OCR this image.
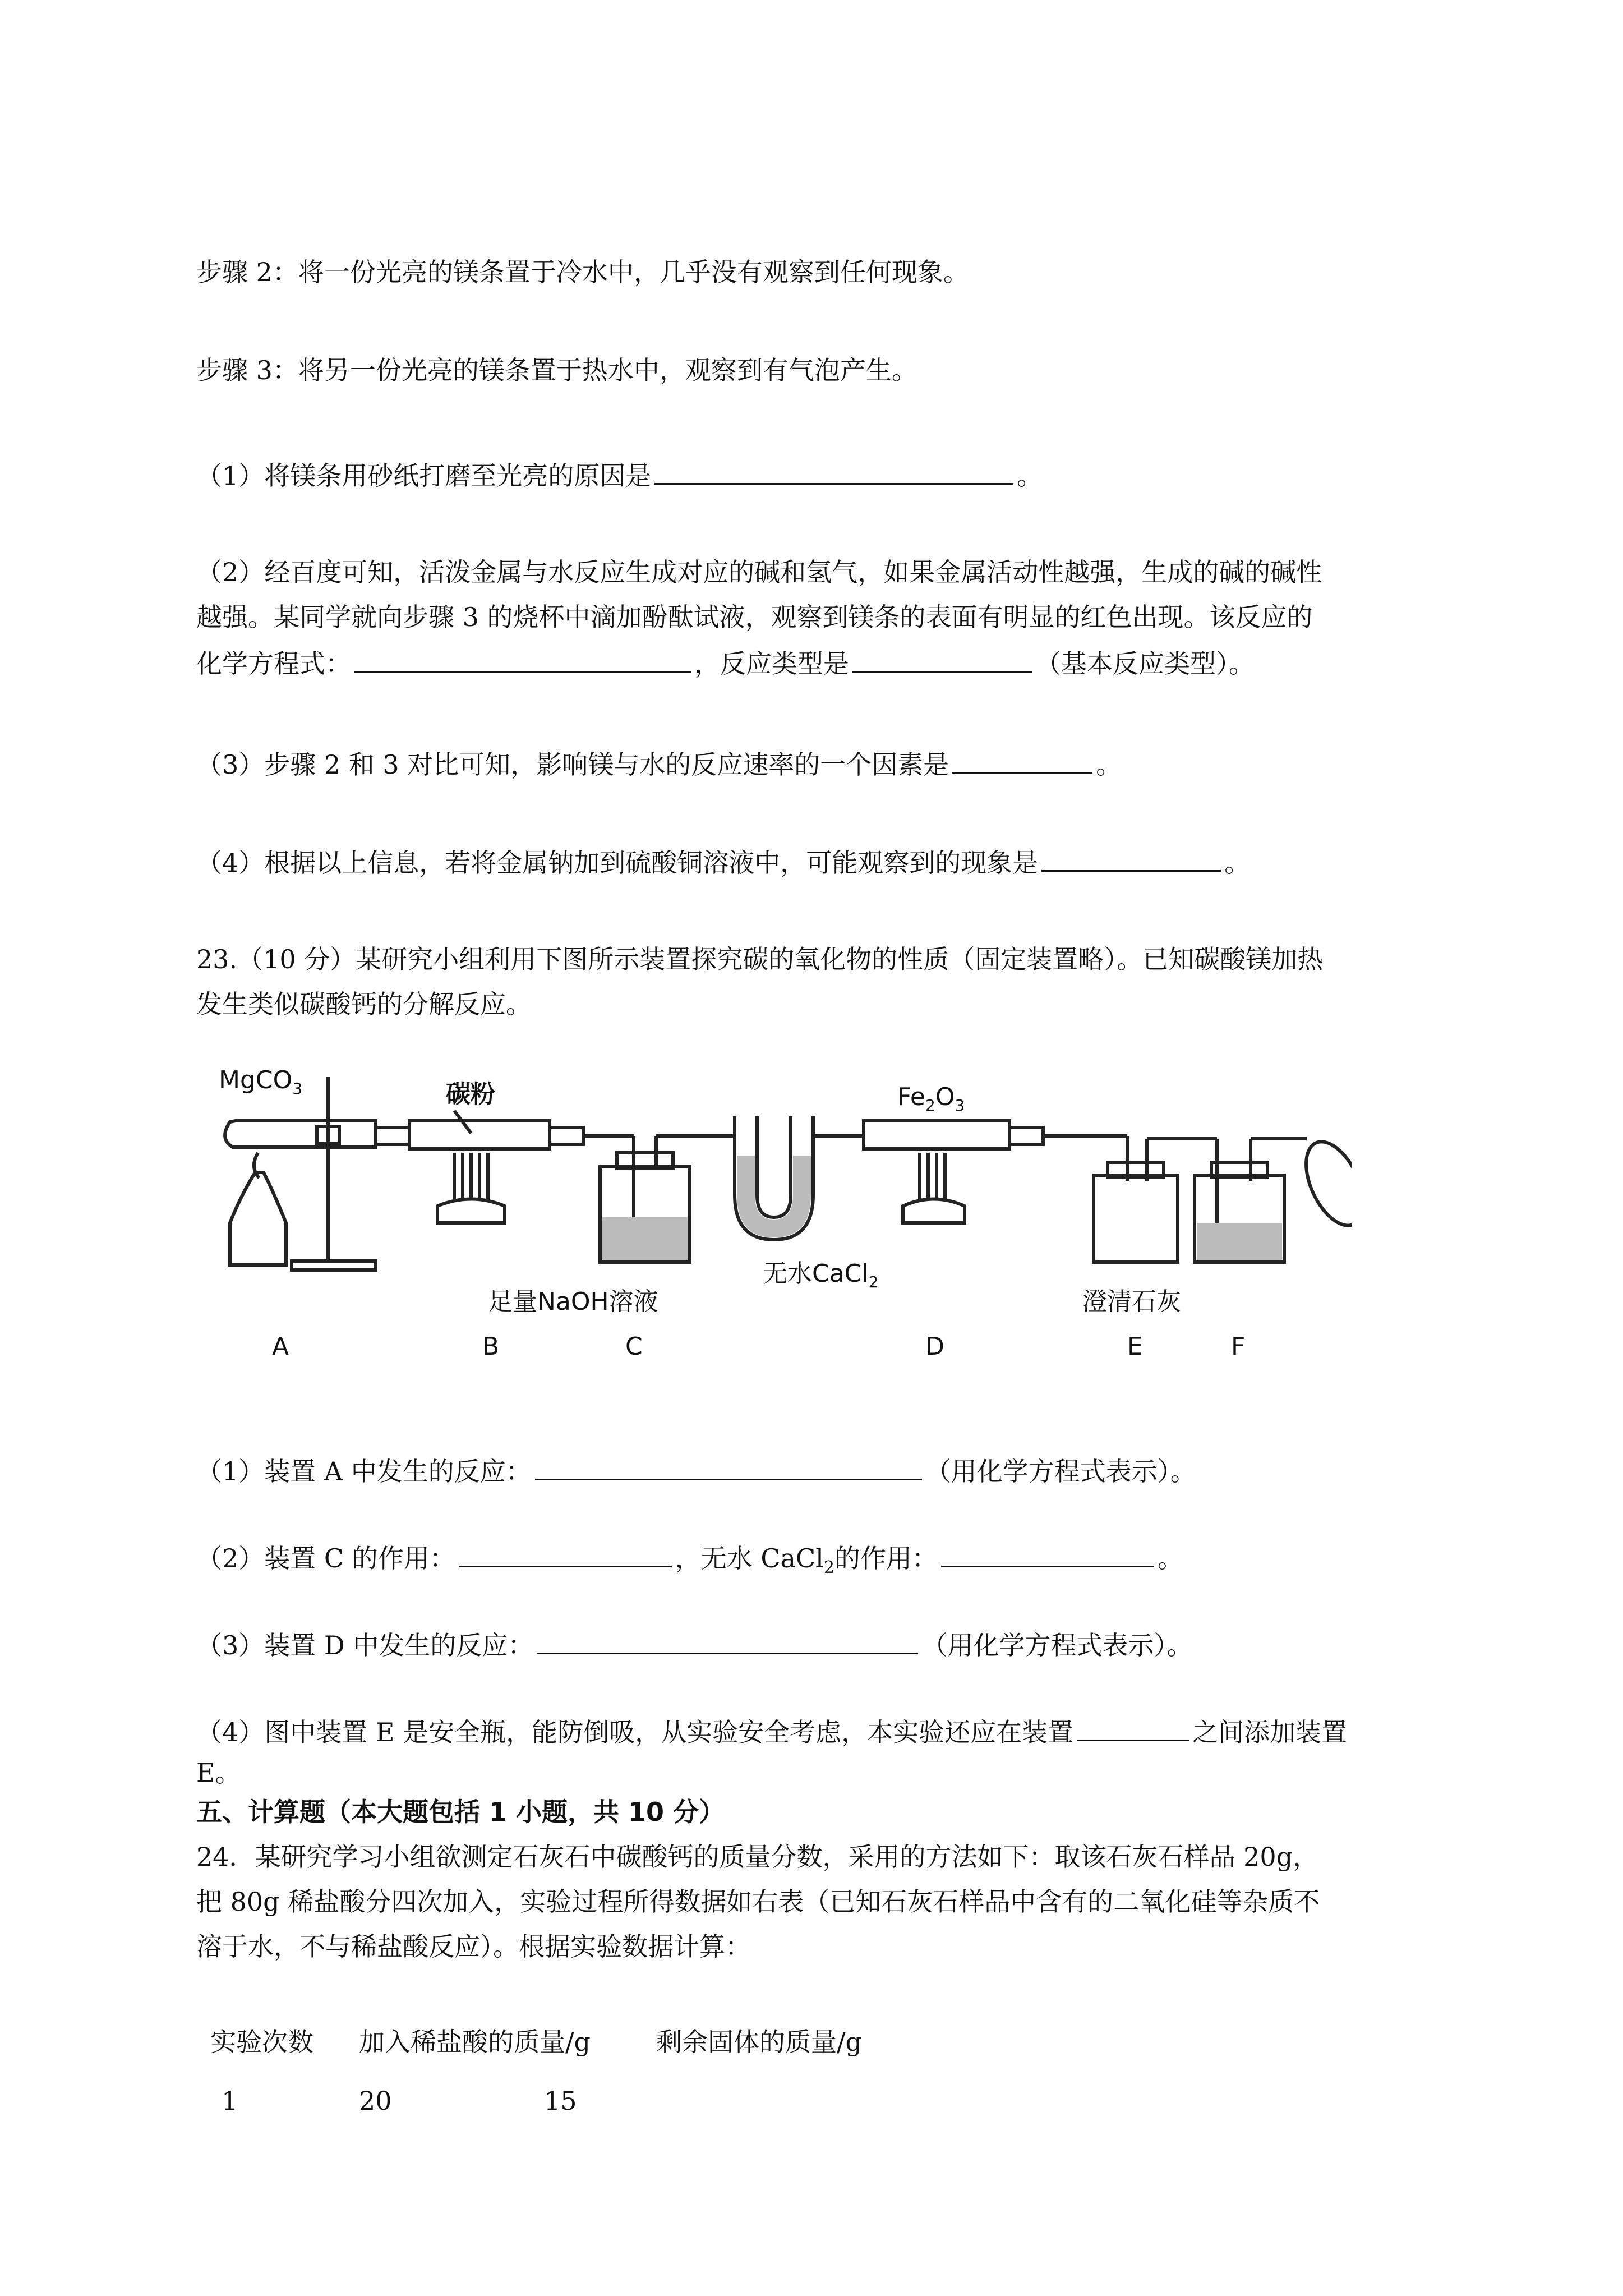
步骤 2：将一份光亮的镁条置于冷水中，几乎没有观察到任何现象。
步骤 3：将另一份光亮的镁条置于热水中，观察到有气泡产生。
（1）将镁条用砂纸打磨至光亮的原因是	。
（2）经百度可知，活泼金属与水反应生成对应的碱和氢气，如果金属活动性越强，生成的碱的碱性
越强。某同学就向步骤 3 的烧杯中滴加酚酞试液，观察到镁条的表面有明显的红色出现。该反应的
化学方程式：	，反应类型是	（基本反应类型）。
（3）步骤 2 和 3 对比可知，影响镁与水的反应速率的一个因素是	。
（4）根据以上信息，若将金属钠加到硫酸铜溶液中，可能观察到的现象是	。
23.（10 分）某研究小组利用下图所示装置探究碳的氧化物的性质（固定装置略）。已知碳酸镁加热
发生类似碳酸钙的分解反应。
MgCO$_3$	碳粉	$Fe_2O_3$
无水CaCl$_2$
足量NaOH溶液	澄清石灰
A	B	C	D	E	F
（1）装置 A 中发生的反应：	（用化学方程式表示）。
（2）装置 C 的作用：	，无水 CaCl$_2$的作用：	。
（3）装置 D 中发生的反应：	（用化学方程式表示）。
（4）图中装置 E 是安全瓶，能防倒吸，从实验安全考虑，本实验还应在装置	之间添加装置
E。
五、计算题（本大题包括 1 小题，共 10 分）
24．某研究学习小组欲测定石灰石中碳酸钙的质量分数，采用的方法如下：取该石灰石样品 20g，
把 80g 稀盐酸分四次加入，实验过程所得数据如右表（已知石灰石样品中含有的二氧化硅等杂质不
溶于水，不与稀盐酸反应）。根据实验数据计算：
实验次数 加入稀盐酸的质量/g	剩余固体的质量/g
1	20	15
